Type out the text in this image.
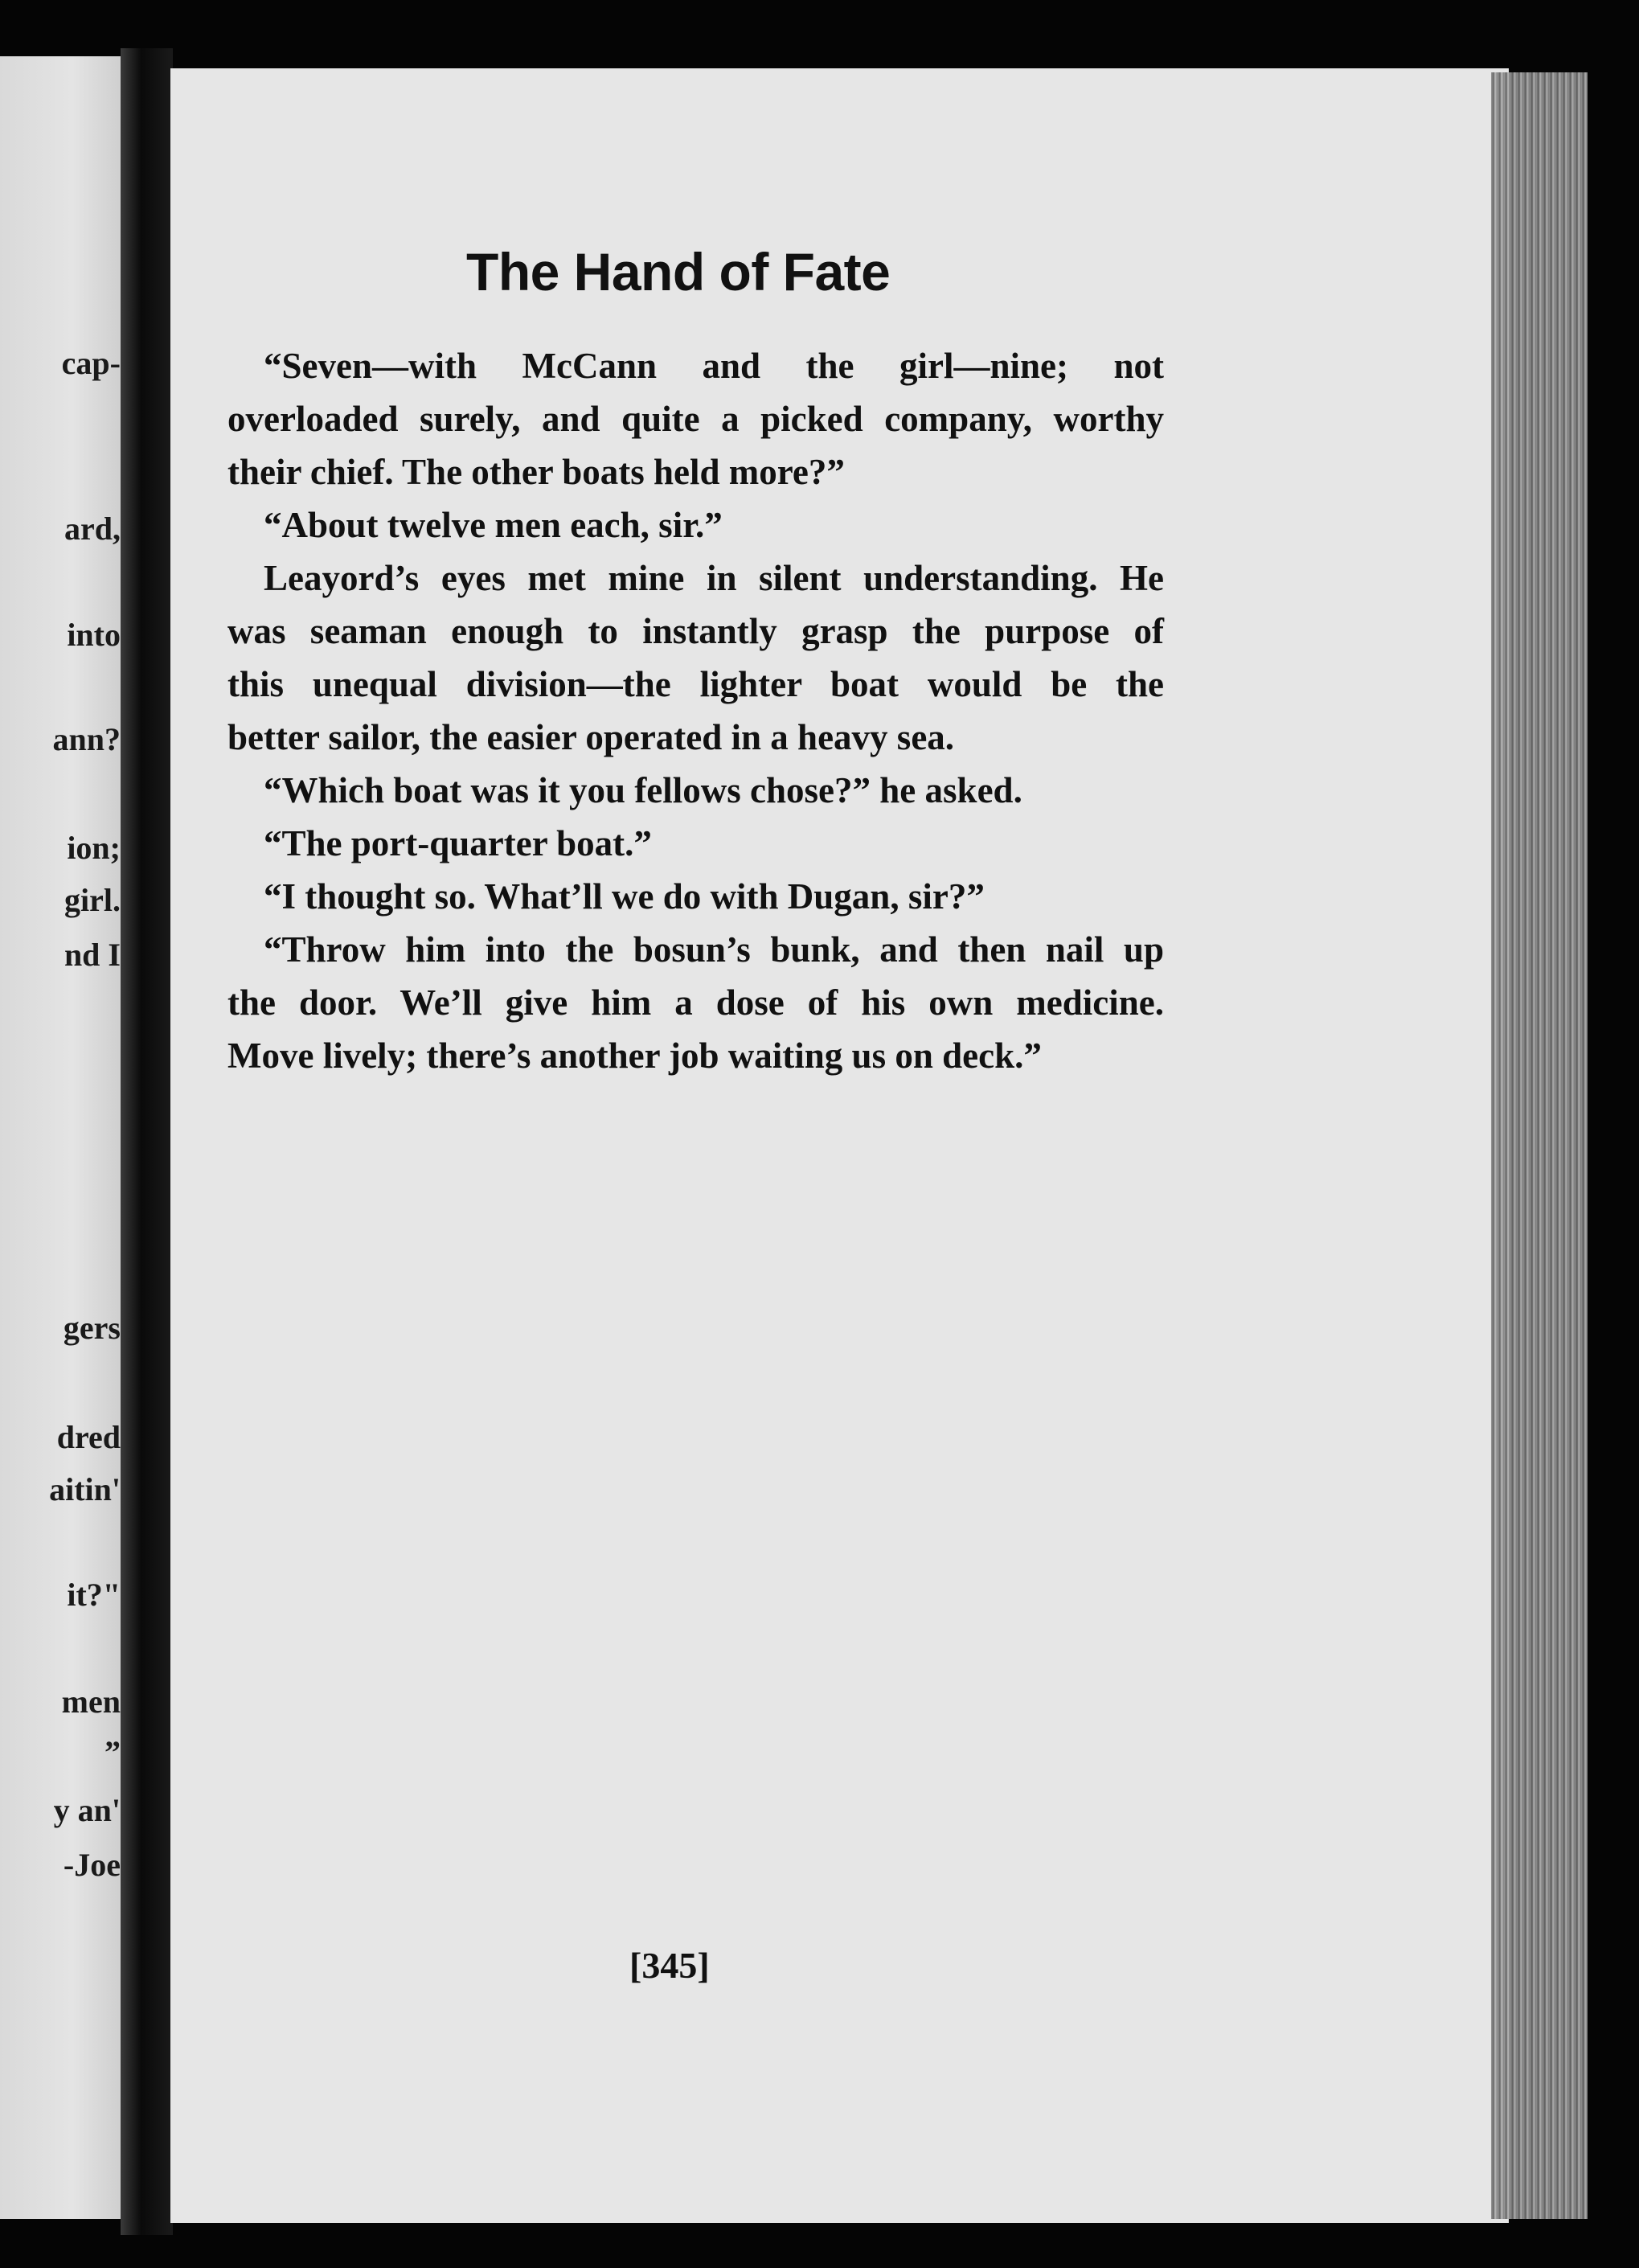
cap-
ard,
into
ann?
ion;
girl.
nd I
gers
dred
aitin'
it?"
men
”
y an'
-Joe
The Hand of Fate
“Seven—with McCann and the girl—nine; not
overloaded surely, and quite a picked company, worthy
their chief. The other boats held more?”
“About twelve men each, sir.”
Leayord’s eyes met mine in silent understanding. He
was seaman enough to instantly grasp the purpose of
this unequal division—the lighter boat would be the
better sailor, the easier operated in a heavy sea.
“Which boat was it you fellows chose?” he asked.
“The port-quarter boat.”
“I thought so. What’ll we do with Dugan, sir?”
“Throw him into the bosun’s bunk, and then nail up
the door. We’ll give him a dose of his own medicine.
Move lively; there’s another job waiting us on deck.”
[345]
